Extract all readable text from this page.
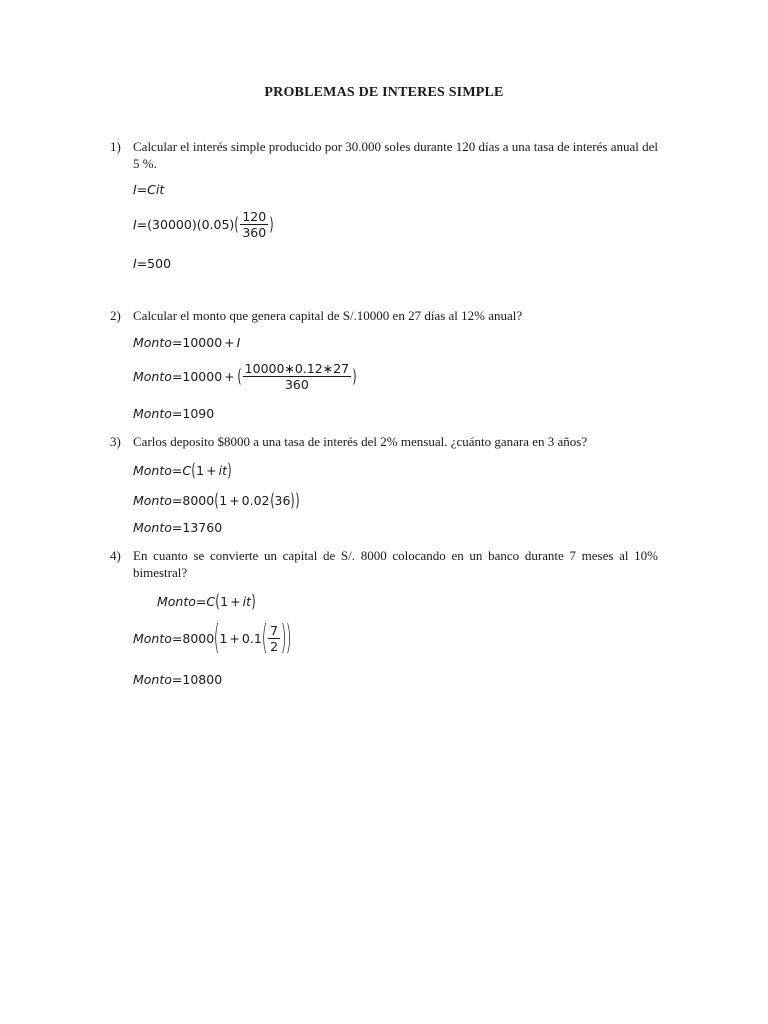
PROBLEMAS DE INTERES SIMPLE
1) Calcular el interés simple producido por 30.000 soles durante 120 días a una tasa de interés anual del 5 %.
I = Cit
I = (30000) (0.05) ( $\frac{120}{360}$ )
I = 500
2) Calcular el monto que genera capital de S/.10000 en 27 días al 12% anual?
Monto = 10000 + I
Monto = 10000 + ( $\frac{10000∗0.12∗27}{360}$ )
Monto = 1090
3) Carlos deposito $8000 a una tasa de interés del 2% mensual. ¿cuánto ganara en 3 años?
Monto = C ( 1 + it )
Monto = 8000 ( 1 + 0.02 ( 36 ) )
Monto = 13760
4) En cuanto se convierte un capital de S/. 8000 colocando en un banco durante 7 meses al 10% bimestral?
Monto = C ( 1 + it )
Monto = 8000 ( 1 + 0.1 ( $\frac{7}{2}$ ) )
Monto = 10800
